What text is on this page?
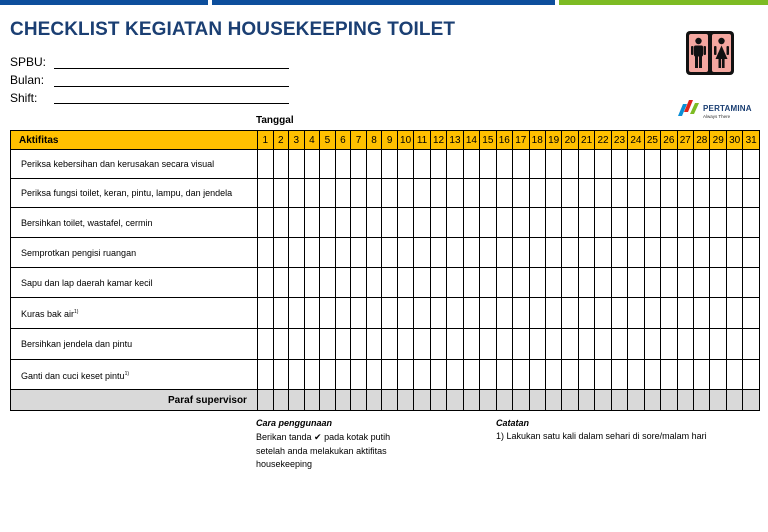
CHECKLIST KEGIATAN HOUSEKEEPING TOILET
SPBU:
Bulan:
Shift:
PERTAMINA
Always There
Tanggal
Aktifitas	1	2	3	4	5	6	7	8	9	10	11	12	13	14	15	16	17	18	19	20	21	22	23	24	25	26	27	28	29	30	31
Periksa kebersihan dan kerusakan secara visual																															
Periksa fungsi toilet, keran, pintu, lampu, dan jendela																															
Bersihkan toilet, wastafel, cermin																															
Semprotkan pengisi ruangan																															
Sapu dan lap daerah kamar kecil																															
Kuras bak air$^{1)}$																															
Bersihkan jendela dan pintu																															
Ganti dan cuci keset pintu$^{1)}$																															
Paraf supervisor																															
Cara penggunaan
Berikan tanda ✔ pada kotak putih
setelah anda melakukan aktifitas
housekeeping
Catatan
1) Lakukan satu kali dalam sehari di sore/malam hari
